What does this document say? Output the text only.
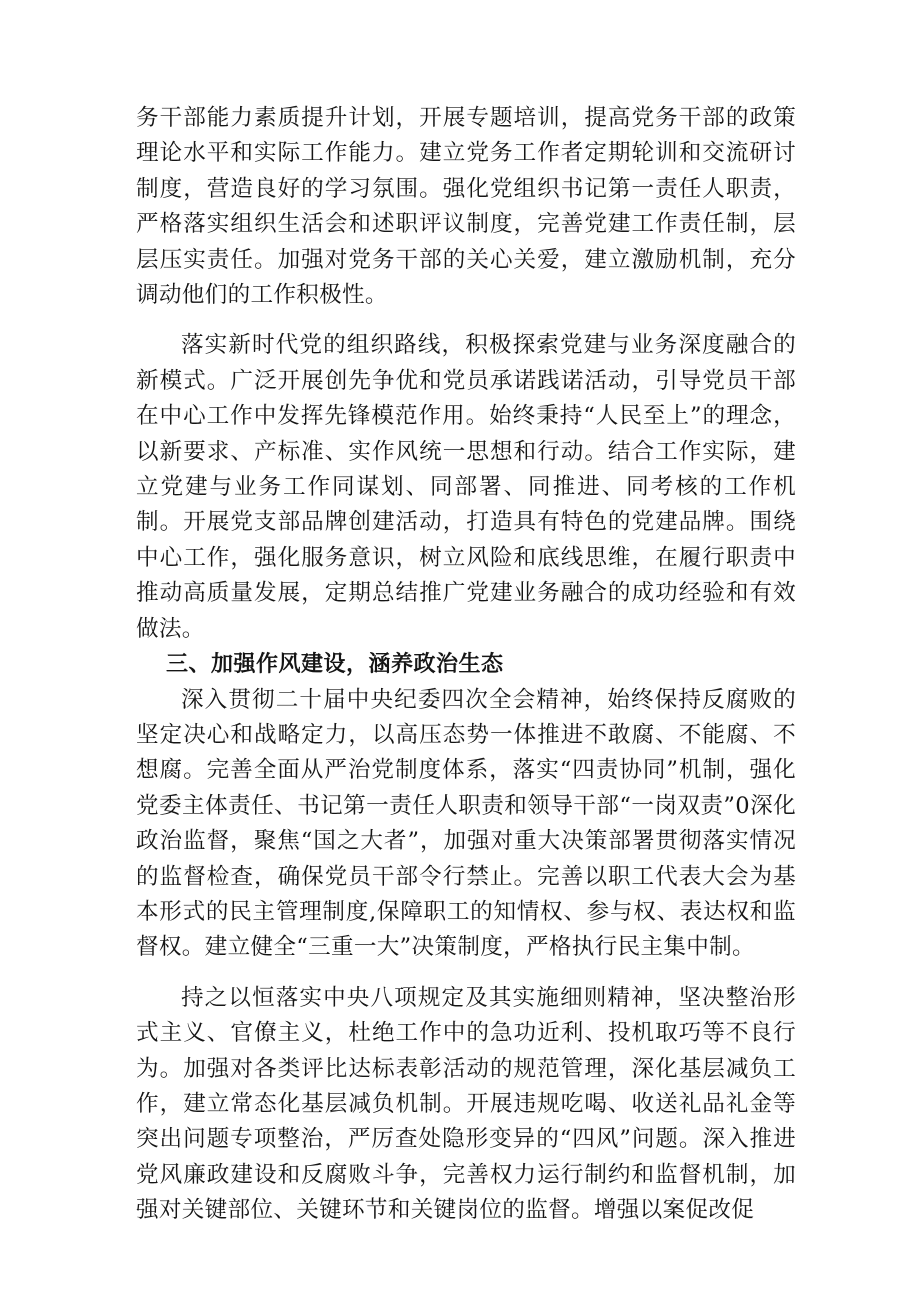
务干部能力素质提升计划，开展专题培训，提高党务干部的政策理论水平和实际工作能力。建立党务工作者定期轮训和交流研讨制度，营造良好的学习氛围。强化党组织书记第一责任人职责，严格落实组织生活会和述职评议制度，完善党建工作责任制，层层压实责任。加强对党务干部的关心关爱，建立激励机制，充分调动他们的工作积极性。

落实新时代党的组织路线，积极探索党建与业务深度融合的新模式。广泛开展创先争优和党员承诺践诺活动，引导党员干部在中心工作中发挥先锋模范作用。始终秉持“人民至上”的理念，以新要求、产标准、实作风统一思想和行动。结合工作实际，建立党建与业务工作同谋划、同部署、同推进、同考核的工作机制。开展党支部品牌创建活动，打造具有特色的党建品牌。围绕中心工作，强化服务意识，树立风险和底线思维，在履行职责中推动高质量发展，定期总结推广党建业务融合的成功经验和有效做法。

三、加强作风建设，涵养政治生态

深入贯彻二十届中央纪委四次全会精神，始终保持反腐败的坚定决心和战略定力，以高压态势一体推进不敢腐、不能腐、不想腐。完善全面从严治党制度体系，落实“四责协同”机制，强化党委主体责任、书记第一责任人职责和领导干部“一岗双责”0深化政治监督，聚焦“国之大者”，加强对重大决策部署贯彻落实情况的监督检查，确保党员干部令行禁止。完善以职工代表大会为基本形式的民主管理制度,保障职工的知情权、参与权、表达权和监督权。建立健全“三重一大”决策制度，严格执行民主集中制。

持之以恒落实中央八项规定及其实施细则精神，坚决整治形式主义、官僚主义，杜绝工作中的急功近利、投机取巧等不良行为。加强对各类评比达标表彰活动的规范管理，深化基层减负工作，建立常态化基层减负机制。开展违规吃喝、收送礼品礼金等突出问题专项整治，严厉查处隐形变异的“四风”问题。深入推进党风廉政建设和反腐败斗争，完善权力运行制约和监督机制，加强对关键部位、关键环节和关键岗位的监督。增强以案促改促
